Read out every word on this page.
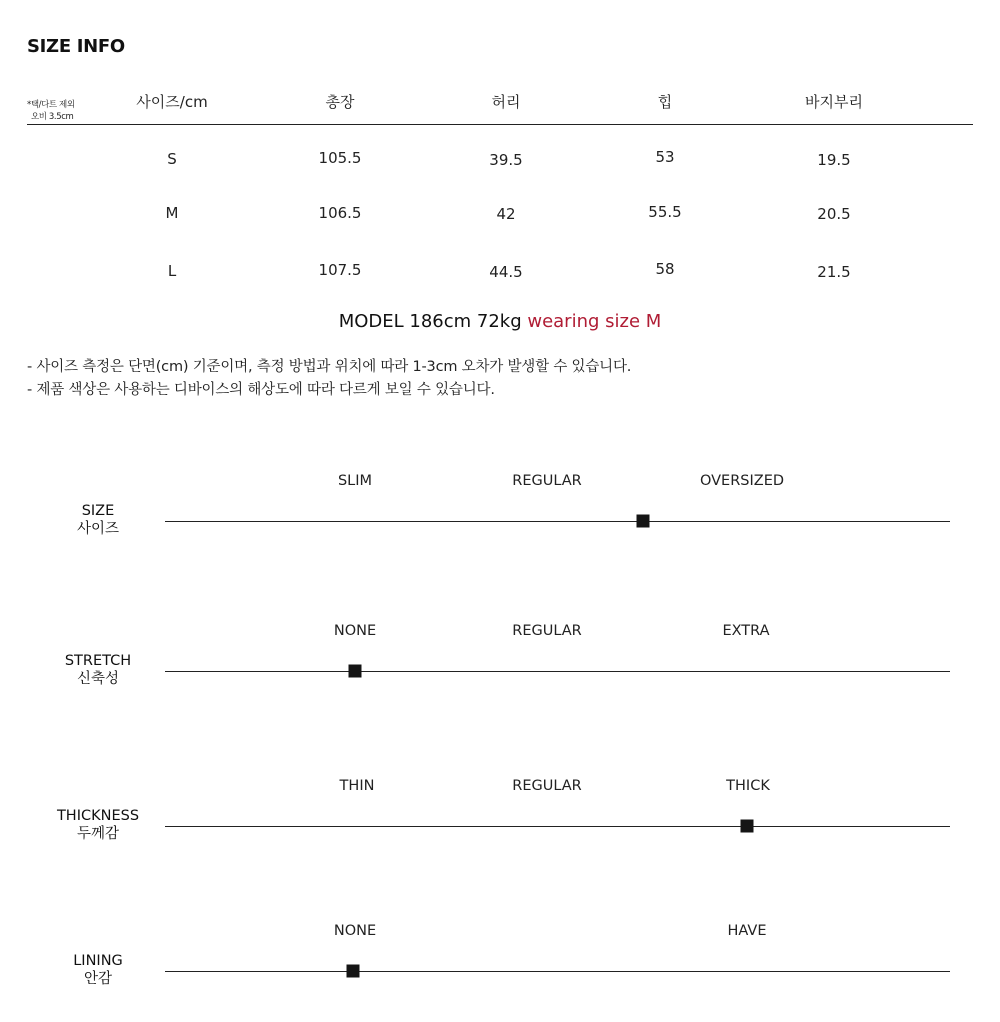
SIZE INFO
*택/다트 제외
오비 3.5cm
사이즈/cm	총장	허리	힙	바지부리
S	105.5	39.5	53	19.5
M	106.5	42	55.5	20.5
L	107.5	44.5	58	21.5
MODEL 186cm 72kg wearing size M
- 사이즈 측정은 단면(cm) 기준이며, 측정 방법과 위치에 따라 1-3cm 오차가 발생할 수 있습니다.
- 제품 색상은 사용하는 디바이스의 해상도에 따라 다르게 보일 수 있습니다.
SIZE
사이즈
SLIM	REGULAR	OVERSIZED
STRETCH
신축성
NONE	REGULAR	EXTRA
THICKNESS
두께감
THIN	REGULAR	THICK
LINING
안감
NONE	HAVE
